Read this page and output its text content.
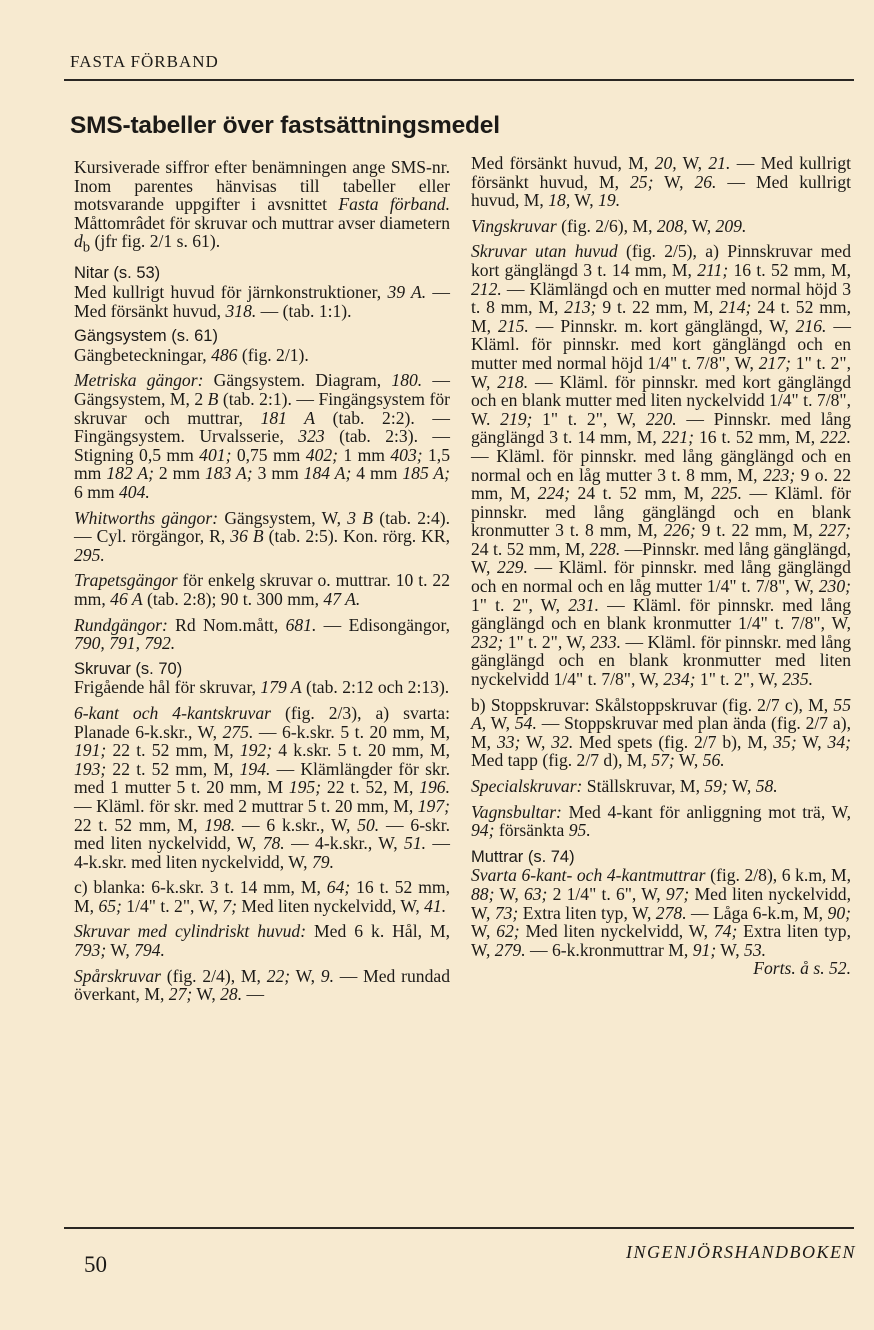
FASTA FÖRBAND
SMS-tabeller över fastsättningsmedel

Kursiverade siffror efter benämningen ange SMS-nr. Inom parentes hänvisas till tabeller eller motsvarande uppgifter i avsnittet Fasta förband. Måttomrâdet för skruvar och muttrar avser diametern $d_b$ (jfr fig. 2/1 s. 61).

Nitar (s. 53)

Med kullrigt huvud för järnkonstruktioner, 39 A. — Med försänkt huvud, 318. — (tab. 1:1).

Gängsystem (s. 61)

Gängbeteckningar, 486 (fig. 2/1).

Metriska gängor: Gängsystem. Diagram, 180. — Gängsystem, M, 2 B (tab. 2:1). — Fingängsystem för skruvar och muttrar, 181 A (tab. 2:2). — Fingängsystem. Urvalsserie, 323 (tab. 2:3). — Stigning 0,5 mm 401; 0,75 mm 402; 1 mm 403; 1,5 mm 182 A; 2 mm 183 A; 3 mm 184 A; 4 mm 185 A; 6 mm 404.

Whitworths gängor: Gängsystem, W, 3 B (tab. 2:4). — Cyl. rörgängor, R, 36 B (tab. 2:5). Kon. rörg. KR, 295.

Trapetsgängor för enkelg skruvar o. muttrar. 10 t. 22 mm, 46 A (tab. 2:8); 90 t. 300 mm, 47 A.

Rundgängor: Rd Nom.mått, 681. — Edisongängor, 790, 791, 792.

Skruvar (s. 70)

Frigående hål för skruvar, 179 A (tab. 2:12 och 2:13).

6-kant och 4-kantskruvar (fig. 2/3), a) svarta: Planade 6-k.skr., W, 275. — 6-k.skr. 5 t. 20 mm, M, 191; 22 t. 52 mm, M, 192; 4 k.skr. 5 t. 20 mm, M, 193; 22 t. 52 mm, M, 194. — Klämlängder för skr. med 1 mutter 5 t. 20 mm, M 195; 22 t. 52, M, 196. — Kläml. för skr. med 2 muttrar 5 t. 20 mm, M, 197; 22 t. 52 mm, M, 198. — 6 k.skr., W, 50. — 6-skr. med liten nyckelvidd, W, 78. — 4-k.skr., W, 51. — 4-k.skr. med liten nyckelvidd, W, 79.

c) blanka: 6-k.skr. 3 t. 14 mm, M, 64; 16 t. 52 mm, M, 65; 1/4" t. 2", W, 7; Med liten nyckelvidd, W, 41.

Skruvar med cylindriskt huvud: Med 6 k. Hål, M, 793; W, 794.

Spårskruvar (fig. 2/4), M, 22; W, 9. — Med rundad överkant, M, 27; W, 28. —

Med försänkt huvud, M, 20, W, 21. — Med kullrigt försänkt huvud, M, 25; W, 26. — Med kullrigt huvud, M, 18, W, 19.

Vingskruvar (fig. 2/6), M, 208, W, 209.

Skruvar utan huvud (fig. 2/5), a) Pinnskruvar med kort gänglängd 3 t. 14 mm, M, 211; 16 t. 52 mm, M, 212. — Klämlängd och en mutter med normal höjd 3 t. 8 mm, M, 213; 9 t. 22 mm, M, 214; 24 t. 52 mm, M, 215. — Pinnskr. m. kort gänglängd, W, 216. — Kläml. för pinnskr. med kort gänglängd och en mutter med normal höjd 1/4" t. 7/8", W, 217; 1" t. 2", W, 218. — Kläml. för pinnskr. med kort gänglängd och en blank mutter med liten nyckelvidd 1/4" t. 7/8", W. 219; 1" t. 2", W, 220. — Pinnskr. med lång gänglängd 3 t. 14 mm, M, 221; 16 t. 52 mm, M, 222. — Kläml. för pinnskr. med lång gänglängd och en normal och en låg mutter 3 t. 8 mm, M, 223; 9 o. 22 mm, M, 224; 24 t. 52 mm, M, 225. — Kläml. för pinnskr. med lång gänglängd och en blank kronmutter 3 t. 8 mm, M, 226; 9 t. 22 mm, M, 227; 24 t. 52 mm, M, 228. —Pinnskr. med lång gänglängd, W, 229. — Kläml. för pinnskr. med lång gänglängd och en normal och en låg mutter 1/4" t. 7/8", W, 230; 1" t. 2", W, 231. — Kläml. för pinnskr. med lång gänglängd och en blank kronmutter 1/4" t. 7/8", W, 232; 1" t. 2", W, 233. — Kläml. för pinnskr. med lång gänglängd och en blank kronmutter med liten nyckelvidd 1/4" t. 7/8", W, 234; 1" t. 2", W, 235.

b) Stoppskruvar: Skålstoppskruvar (fig. 2/7 c), M, 55 A, W, 54. — Stoppskruvar med plan ända (fig. 2/7 a), M, 33; W, 32. Med spets (fig. 2/7 b), M, 35; W, 34; Med tapp (fig. 2/7 d), M, 57; W, 56.

Specialskruvar: Ställskruvar, M, 59; W, 58.

Vagnsbultar: Med 4-kant för anliggning mot trä, W, 94; försänkta 95.

Muttrar (s. 74)

Svarta 6-kant- och 4-kantmuttrar (fig. 2/8), 6 k.m, M, 88; W, 63; 2 1/4" t. 6", W, 97; Med liten nyckelvidd, W, 73; Extra liten typ, W, 278. — Låga 6-k.m, M, 90; W, 62; Med liten nyckelvidd, W, 74; Extra liten typ, W, 279. — 6-k.kronmuttrar M, 91; W, 53.
Forts. å s. 52.

50	INGENJÖRSHANDBOKEN
